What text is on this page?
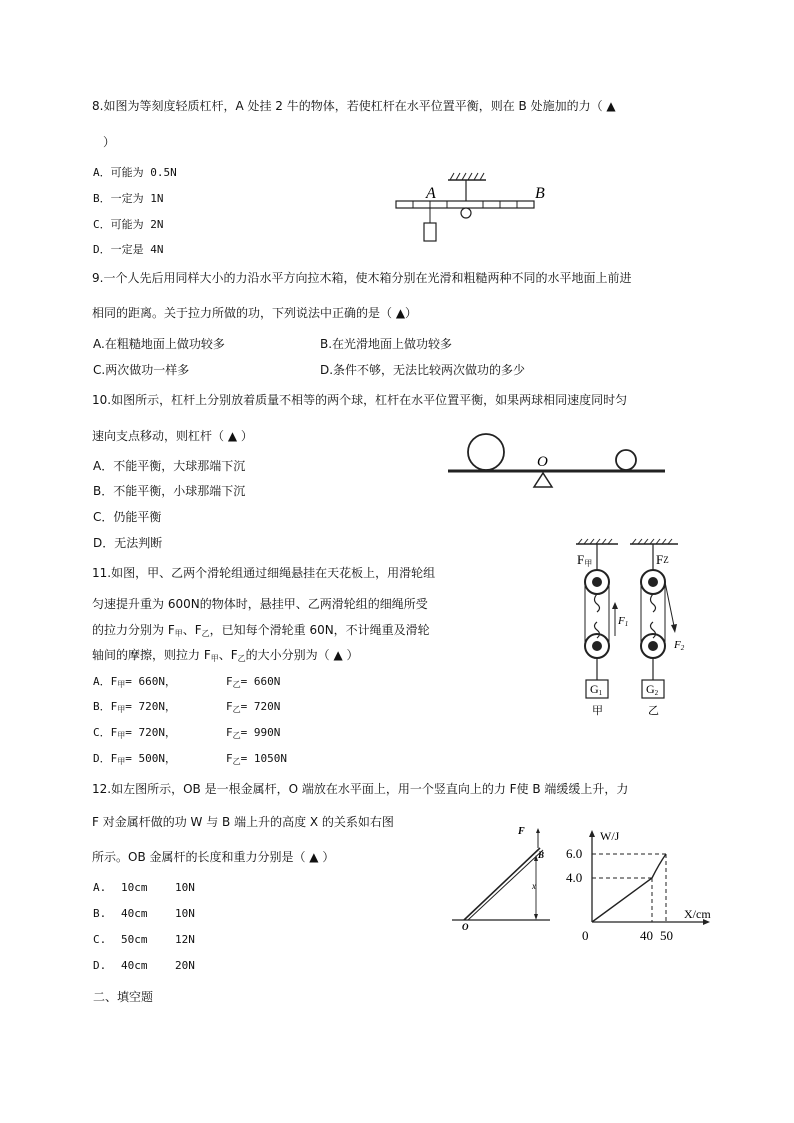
8.如图为等刻度轻质杠杆，A 处挂 2 牛的物体，若使杠杆在水平位置平衡，则在 B 处施加的力（ ▲
）
A．可能为 0.5N
B．一定为 1N
C．可能为 2N
D．一定是 4N
A	B
9.一个人先后用同样大小的力沿水平方向拉木箱，使木箱分别在光滑和粗糙两种不同的水平地面上前进
相同的距离。关于拉力所做的功，下列说法中正确的是（ ▲）
A.在粗糙地面上做功较多	B.在光滑地面上做功较多
C.两次做功一样多	D.条件不够，无法比较两次做功的多少
10.如图所示，杠杆上分别放着质量不相等的两个球，杠杆在水平位置平衡，如果两球相同速度同时匀
速向支点移动，则杠杆（ ▲ ）
A．不能平衡，大球那端下沉
B．不能平衡，小球那端下沉
C．仍能平衡
D．无法判断
O
11.如图，甲、乙两个滑轮组通过细绳悬挂在天花板上，用滑轮组
匀速提升重为 600N的物体时，悬挂甲、乙两滑轮组的细绳所受
的拉力分别为 $F_甲$、$F_乙$，已知每个滑轮重 60N，不计绳重及滑轮
轴间的摩擦，则拉力 $F_甲$、$F_乙$的大小分别为（ ▲ ）
A．$F_甲= 660N$，	$F_乙= 660N$
B．$F_甲= 720N$，	$F_乙= 720N$
C．$F_甲= 720N$，	$F_乙= 990N$
D．$F_甲= 500N$，	$F_乙= 1050N$
F甲	FZ
F1
F2
G1	G2
甲	乙
12.如左图所示，OB 是一根金属杆，O 端放在水平面上，用一个竖直向上的力 F使 B 端缓缓上升，力
F 对金属杆做的功 W 与 B 端上升的高度 X 的关系如右图
所示。OB 金属杆的长度和重力分别是（ ▲ ）
A. 10cm	10N
B. 40cm	10N
C. 50cm	12N
D. 40cm	20N
F
B
x
O
W/J
X/cm
6.0
4.0
0	40 50
二、填空题
